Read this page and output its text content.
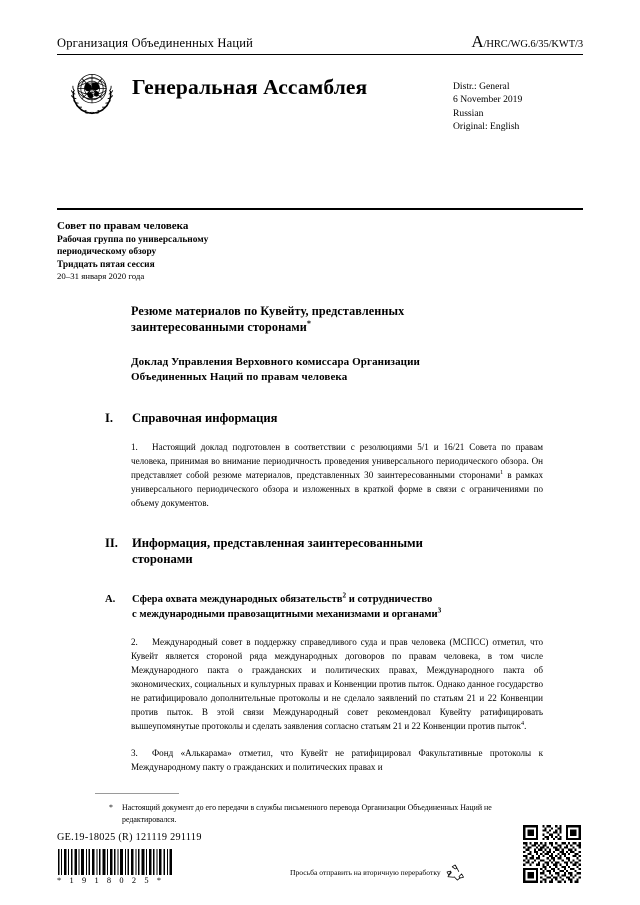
Организация Объединенных Наций	A /HRC/WG.6/35/KWT/3
Генеральная Ассамблея	Distr.: General
6 November 2019
Russian
Original: English
Совет по правам человека
Рабочая группа по универсальному
периодическому обзору
Тридцать пятая сессия
20–31 января 2020 года
Резюме материалов по Кувейту, представленных
заинтересованными сторонами*
Доклад Управления Верховного комиссара Организации
Объединенных Наций по правам человека
I.	Справочная информация
1. Настоящий доклад подготовлен в соответствии с резолюциями 5/1 и 16/21 Совета по правам человека, принимая во внимание периодичность проведения универсального периодического обзора. Он представляет собой резюме материалов, представленных 30 заинтересованными сторонами$^1$ в рамках универсального периодического обзора и изложенных в краткой форме в связи с ограничениями по объему документов.
II.	Информация, представленная заинтересованными
сторонами
A.	Сфера охвата международных обязательств$^2$ и сотрудничество
с международными правозащитными механизмами и органами$^3$
2. Международный совет в поддержку справедливого суда и прав человека (МСПСС) отметил, что Кувейт является стороной ряда международных договоров по правам человека, в том числе Международного пакта о гражданских и политических правах, Международного пакта об экономических, социальных и культурных правах и Конвенции против пыток. Однако данное государство не ратифицировало дополнительные протоколы и не сделало заявлений по статьям 21 и 22 Конвенции против пыток. В этой связи Международный совет рекомендовал Кувейту ратифицировать вышеупомянутые протоколы и сделать заявления согласно статьям 21 и 22 Конвенции против пыток$^4$.
3. Фонд «Алькарама» отметил, что Кувейт не ратифицировал Факультативные протоколы к Международному пакту о гражданских и политических правах и
*	Настоящий документ до его передачи в службы письменного перевода Организации Объединенных Наций не редактировался.
GE.19-18025 (R) 121119 291119
* 1 9 1 8 0 2 5 *
Просьба отправить на вторичную переработку
